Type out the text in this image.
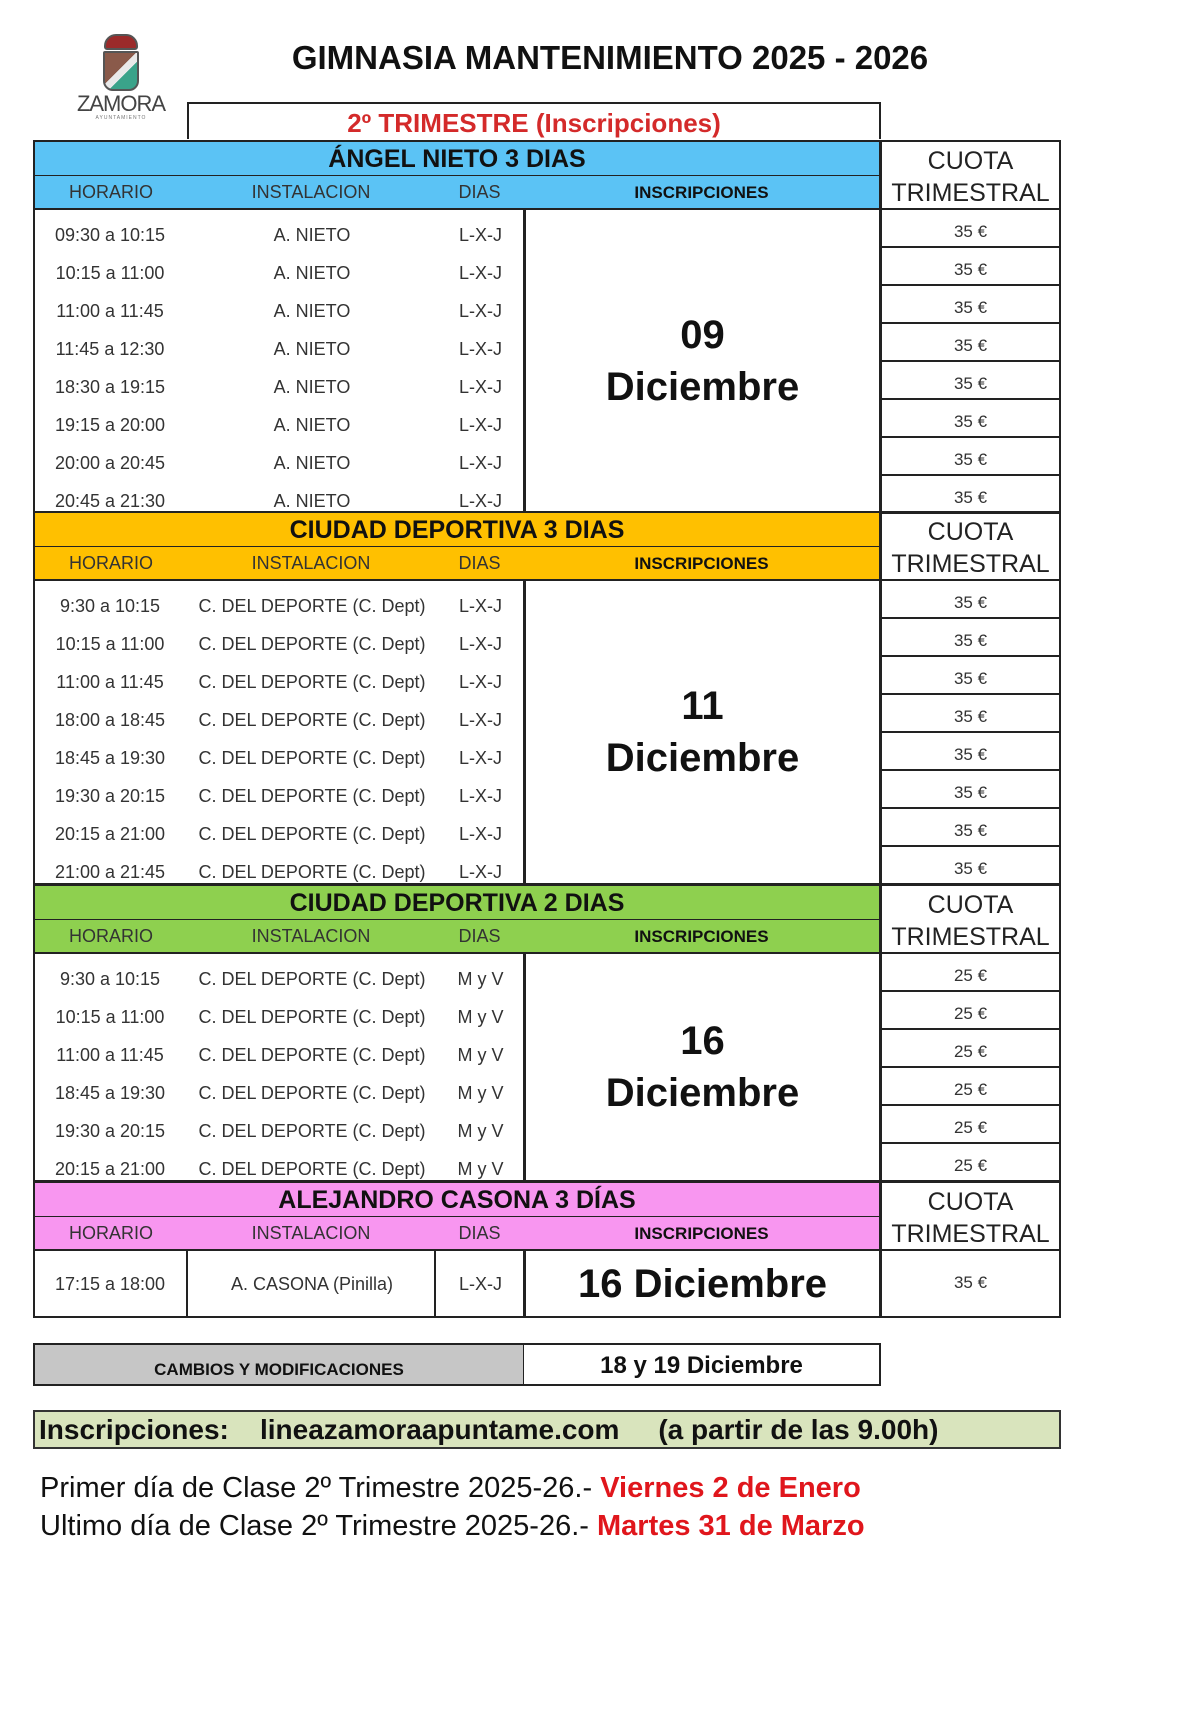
ZAMORA
AYUNTAMIENTO
GIMNASIA MANTENIMIENTO 2025 - 2026
2º TRIMESTRE (Inscripciones)
ÁNGEL NIETO 3 DIAS	CUOTA
TRIMESTRAL
HORARIO	INSTALACION	DIAS	INSCRIPCIONES
09:30 a 10:15	A. NIETO	L-X-J	35 €
10:15 a 11:00	A. NIETO	L-X-J	35 €
11:00 a 11:45	A. NIETO	L-X-J	35 €
11:45 a 12:30	A. NIETO	L-X-J	35 €
18:30 a 19:15	A. NIETO	L-X-J	35 €
19:15 a 20:00	A. NIETO	L-X-J	35 €
20:00 a 20:45	A. NIETO	L-X-J	35 €
20:45 a 21:30	A. NIETO	L-X-J	35 €
09
Diciembre
CIUDAD DEPORTIVA 3 DIAS	CUOTA
TRIMESTRAL
HORARIO	INSTALACION	DIAS	INSCRIPCIONES
9:30 a 10:15	C. DEL DEPORTE (C. Dept)	L-X-J	35 €
10:15 a 11:00	C. DEL DEPORTE (C. Dept)	L-X-J	35 €
11:00 a 11:45	C. DEL DEPORTE (C. Dept)	L-X-J	35 €
18:00 a 18:45	C. DEL DEPORTE (C. Dept)	L-X-J	35 €
18:45 a 19:30	C. DEL DEPORTE (C. Dept)	L-X-J	35 €
19:30 a 20:15	C. DEL DEPORTE (C. Dept)	L-X-J	35 €
20:15 a 21:00	C. DEL DEPORTE (C. Dept)	L-X-J	35 €
21:00 a 21:45	C. DEL DEPORTE (C. Dept)	L-X-J	35 €
11
Diciembre
CIUDAD DEPORTIVA 2 DIAS	CUOTA
TRIMESTRAL
HORARIO	INSTALACION	DIAS	INSCRIPCIONES
9:30 a 10:15	C. DEL DEPORTE (C. Dept)	M y V	25 €
10:15 a 11:00	C. DEL DEPORTE (C. Dept)	M y V	25 €
11:00 a 11:45	C. DEL DEPORTE (C. Dept)	M y V	25 €
18:45 a 19:30	C. DEL DEPORTE (C. Dept)	M y V	25 €
19:30 a 20:15	C. DEL DEPORTE (C. Dept)	M y V	25 €
20:15 a 21:00	C. DEL DEPORTE (C. Dept)	M y V	25 €
16
Diciembre
ALEJANDRO CASONA 3 DÍAS	CUOTA
TRIMESTRAL
HORARIO	INSTALACION	DIAS	INSCRIPCIONES
17:15 a 18:00	A. CASONA (Pinilla)	L-X-J	35 €
16 Diciembre
CAMBIOS Y MODIFICACIONES	18 y 19 Diciembre
Inscripciones: lineazamoraapuntame.com (a partir de las 9.00h)
Primer día de Clase 2º Trimestre 2025-26.- Viernes 2 de Enero
Ultimo día de Clase 2º Trimestre 2025-26.- Martes 31 de Marzo
